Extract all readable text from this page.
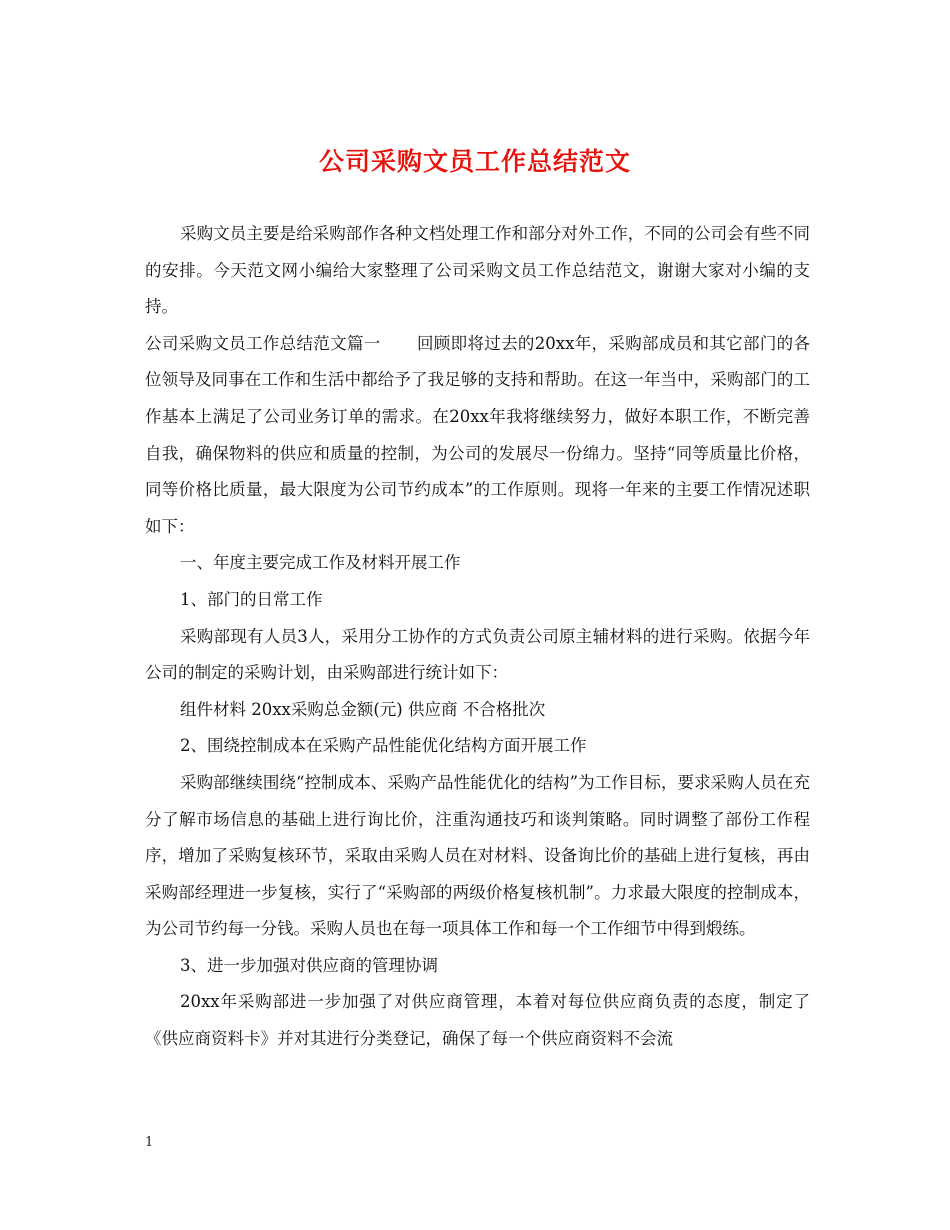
公司采购文员工作总结范文

采购文员主要是给采购部作各种文档处理工作和部分对外工作，不同的公司会有些不同的安排。今天范文网小编给大家整理了公司采购文员工作总结范文，谢谢大家对小编的支持。

公司采购文员工作总结范文篇一 回顾即将过去的20xx年，采购部成员和其它部门的各位领导及同事在工作和生活中都给予了我足够的支持和帮助。在这一年当中，采购部门的工作基本上满足了公司业务订单的需求。在20xx年我将继续努力，做好本职工作，不断完善自我，确保物料的供应和质量的控制，为公司的发展尽一份绵力。坚持“同等质量比价格，同等价格比质量，最大限度为公司节约成本”的工作原则。现将一年来的主要工作情况述职如下：

一、年度主要完成工作及材料开展工作

1、部门的日常工作

采购部现有人员3人，采用分工协作的方式负责公司原主辅材料的进行采购。依据今年公司的制定的采购计划，由采购部进行统计如下：

组件材料 20xx采购总金额(元) 供应商 不合格批次

2、围绕控制成本在采购产品性能优化结构方面开展工作

采购部继续围绕“控制成本、采购产品性能优化的结构”为工作目标，要求采购人员在充分了解市场信息的基础上进行询比价，注重沟通技巧和谈判策略。同时调整了部份工作程序，增加了采购复核环节，采取由采购人员在对材料、设备询比价的基础上进行复核，再由采购部经理进一步复核，实行了“采购部的两级价格复核机制”。力求最大限度的控制成本，为公司节约每一分钱。采购人员也在每一项具体工作和每一个工作细节中得到煅练。

3、进一步加强对供应商的管理协调

20xx年采购部进一步加强了对供应商管理，本着对每位供应商负责的态度，制定了《供应商资料卡》并对其进行分类登记，确保了每一个供应商资料不会流

1
